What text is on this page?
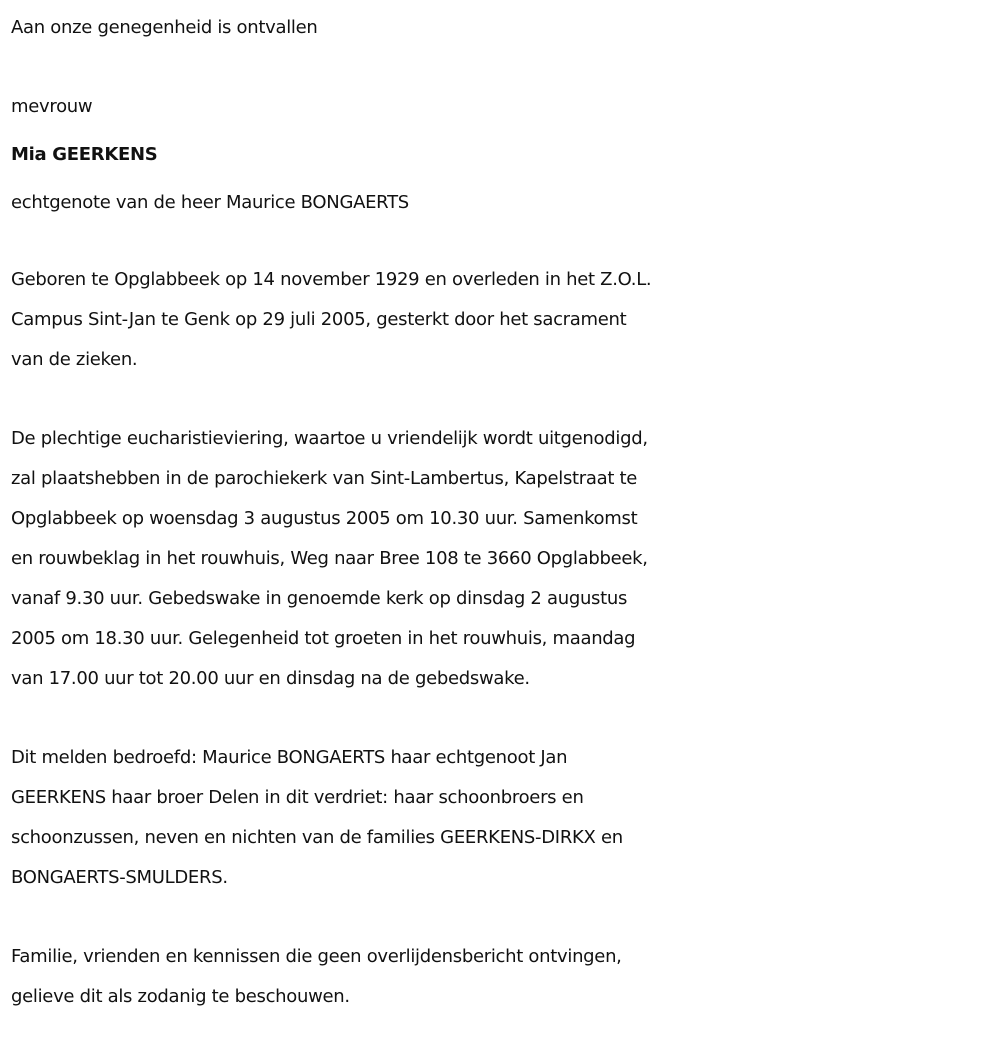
Aan onze genegenheid is ontvallen
mevrouw
Mia GEERKENS
echtgenote van de heer Maurice BONGAERTS
Geboren te Opglabbeek op 14 november 1929 en overleden in het Z.O.L.
Campus Sint-Jan te Genk op 29 juli 2005, gesterkt door het sacrament
van de zieken.
De plechtige eucharistieviering, waartoe u vriendelijk wordt uitgenodigd,
zal plaatshebben in de parochiekerk van Sint-Lambertus, Kapelstraat te
Opglabbeek op woensdag 3 augustus 2005 om 10.30 uur. Samenkomst
en rouwbeklag in het rouwhuis, Weg naar Bree 108 te 3660 Opglabbeek,
vanaf 9.30 uur. Gebedswake in genoemde kerk op dinsdag 2 augustus
2005 om 18.30 uur. Gelegenheid tot groeten in het rouwhuis, maandag
van 17.00 uur tot 20.00 uur en dinsdag na de gebedswake.
Dit melden bedroefd: Maurice BONGAERTS haar echtgenoot Jan
GEERKENS haar broer Delen in dit verdriet: haar schoonbroers en
schoonzussen, neven en nichten van de families GEERKENS-DIRKX en
BONGAERTS-SMULDERS.
Familie, vrienden en kennissen die geen overlijdensbericht ontvingen,
gelieve dit als zodanig te beschouwen.
